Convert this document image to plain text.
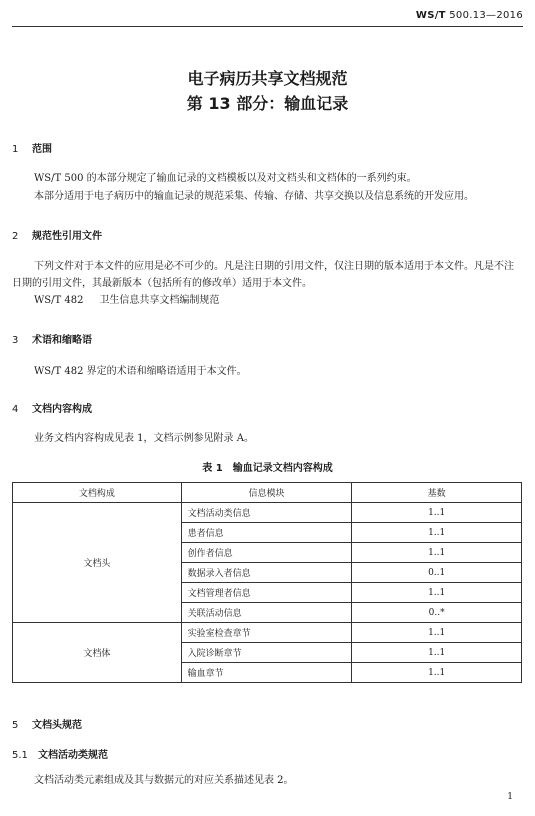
WS/T 500.13—2016
电子病历共享文档规范
第 13 部分：输血记录
1 范围
WS/T 500 的本部分规定了输血记录的文档模板以及对文档头和文档体的一系列约束。
本部分适用于电子病历中的输血记录的规范采集、传输、存储、共享交换以及信息系统的开发应用。
2 规范性引用文件
下列文件对于本文件的应用是必不可少的。凡是注日期的引用文件，仅注日期的版本适用于本文件。凡是不注日期的引用文件，其最新版本（包括所有的修改单）适用于本文件。
WS/T 482 卫生信息共享文档编制规范
3 术语和缩略语
WS/T 482 界定的术语和缩略语适用于本文件。
4 文档内容构成
业务文档内容构成见表 1，文档示例参见附录 A。
表 1　输血记录文档内容构成
文档构成	信息模块	基数
文档头	文档活动类信息	1..1
	患者信息	1..1
	创作者信息	1..1
	数据录入者信息	0..1
	文档管理者信息	1..1
	关联活动信息	0..*
文档体	实验室检查章节	1..1
	入院诊断章节	1..1
	输血章节	1..1
5 文档头规范
5.1 文档活动类规范
文档活动类元素组成及其与数据元的对应关系描述见表 2。
1
